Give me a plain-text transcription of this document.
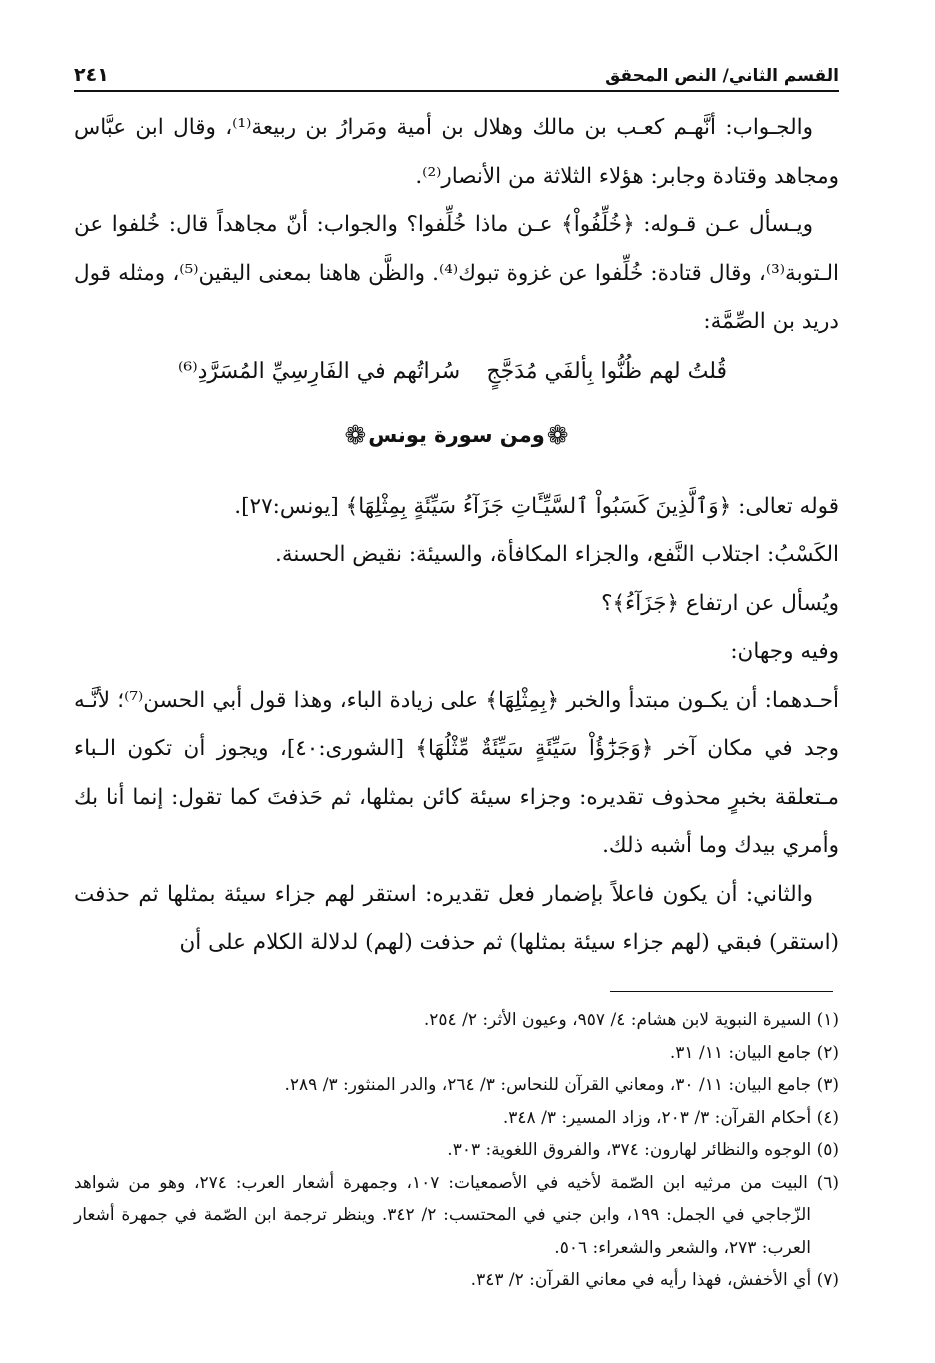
القسم الثاني/ النص المحقق
٢٤١

والجـواب: أنَّهـم كعـب بن مالك وهلال بن أمية ومَرارُ بن ربيعة⁽¹⁾، وقال ابن عبَّاس ومجاهد وقتادة وجابر: هؤلاء الثلاثة من الأنصار⁽²⁾.

ويـسأل عـن قـوله: ﴿خُلِّفُواْ﴾ عـن ماذا خُلِّفوا؟ والجواب: أنّ مجاهداً قال: خُلفوا عن الـتوبة⁽³⁾، وقال قتادة: خُلِّفوا عن غزوة تبوك⁽⁴⁾. والظَّن هاهنا بمعنى اليقين⁽⁵⁾، ومثله قول دريد بن الصِّمَّة:

قُلتُ لهم ظُنُّوا بِألفَي مُدَجَّجٍ
سُراتُهم في الفَارِسِيِّ المُسَرَّدِ⁽⁶⁾
❁
ومن سورة يونس
❁

قوله تعالى: ﴿وَٱلَّذِينَ كَسَبُواْ ٱلسَّيِّـَٔاتِ جَزَآءُ سَيِّئَةٍ بِمِثْلِهَا﴾ [يونس:٢٧].

الكَسْبُ: اجتلاب النَّفع، والجزاء المكافأة، والسيئة: نقيض الحسنة.

ويُسأل عن ارتفاع ﴿جَزَآءُ﴾؟

وفيه وجهان:

أحـدهما: أن يكـون مبتدأ والخبر ﴿بِمِثْلِهَا﴾ على زيادة الباء، وهذا قول أبي الحسن⁽⁷⁾؛ لأنَّـه وجد في مكان آخر ﴿وَجَزَٰٓؤُاْ سَيِّئَةٍ سَيِّئَةٌ مِّثْلُهَا﴾ [الشورى:٤٠]، ويجوز أن تكون الـباء مـتعلقة بخبرٍ محذوف تقديره: وجزاء سيئة كائن بمثلها، ثم حَذفتَ كما تقول: إنما أنا بك وأمري بيدك وما أشبه ذلك.

والثاني: أن يكون فاعلاً بإضمار فعل تقديره: استقر لهم جزاء سيئة بمثلها ثم حذفت (استقر) فبقي (لهم جزاء سيئة بمثلها) ثم حذفت (لهم) لدلالة الكلام على أن

(١) السيرة النبوية لابن هشام: ٤/ ٩٥٧، وعيون الأثر: ٢/ ٢٥٤.

(٢) جامع البيان: ١١/ ٣١.

(٣) جامع البيان: ١١/ ٣٠، ومعاني القرآن للنحاس: ٣/ ٢٦٤، والدر المنثور: ٣/ ٢٨٩.

(٤) أحكام القرآن: ٣/ ٢٠٣، وزاد المسير: ٣/ ٣٤٨.

(٥) الوجوه والنظائر لهارون: ٣٧٤، والفروق اللغوية: ٣٠٣.

(٦) البيت من مرثيه ابن الصّمة لأخيه في الأصمعيات: ١٠٧، وجمهرة أشعار العرب: ٢٧٤، وهو من شواهد الزّجاجي في الجمل: ١٩٩، وابن جني في المحتسب: ٢/ ٣٤٢. وينظر ترجمة ابن الصّمة في جمهرة أشعار العرب: ٢٧٣، والشعر والشعراء: ٥٠٦.

(٧) أي الأخفش، فهذا رأيه في معاني القرآن: ٢/ ٣٤٣.
